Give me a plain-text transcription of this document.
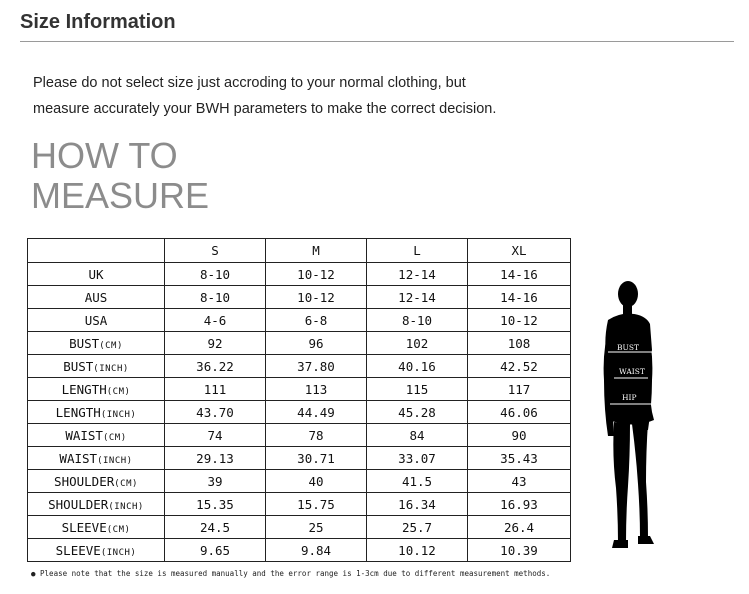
Size Information
Please do not select size just accroding to your normal clothing, but
measure accurately your BWH parameters to make the correct decision.
HOW TO
MEASURE
	S	M	L	XL
UK	8-10	10-12	12-14	14-16
AUS	8-10	10-12	12-14	14-16
USA	4-6	6-8	8-10	10-12
BUST(CM)	92	96	102	108
BUST(INCH)	36.22	37.80	40.16	42.52
LENGTH(CM)	111	113	115	117
LENGTH(INCH)	43.70	44.49	45.28	46.06
WAIST(CM)	74	78	84	90
WAIST(INCH)	29.13	30.71	33.07	35.43
SHOULDER(CM)	39	40	41.5	43
SHOULDER(INCH)	15.35	15.75	16.34	16.93
SLEEVE(CM)	24.5	25	25.7	26.4
SLEEVE(INCH)	9.65	9.84	10.12	10.39
BUST
WAIST
HIP
● Please note that the size is measured manually and the error range is 1-3cm due to different measurement methods.
